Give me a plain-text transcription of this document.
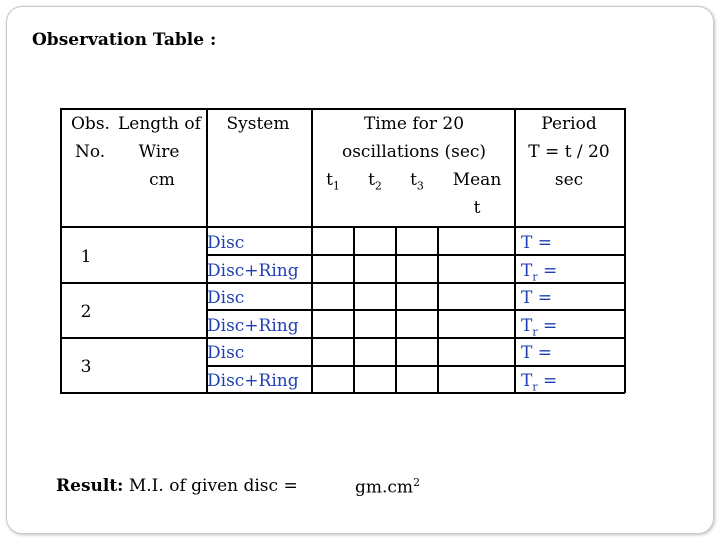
Observation Table :
Obs.
No.
Length of
Wire
cm
System	Time for 20
oscillations (sec)
$t_1$ $t_2$ $t_3$ Mean
t
Period
T = t / 20
sec
1
Disc
Disc+Ring
T =
$T_r$ =
2
Disc
Disc+Ring
T =
$T_r$ =
3
Disc
Disc+Ring
T =
$T_r$ =
Result: M.I. of given disc =	$gm.cm^2$
